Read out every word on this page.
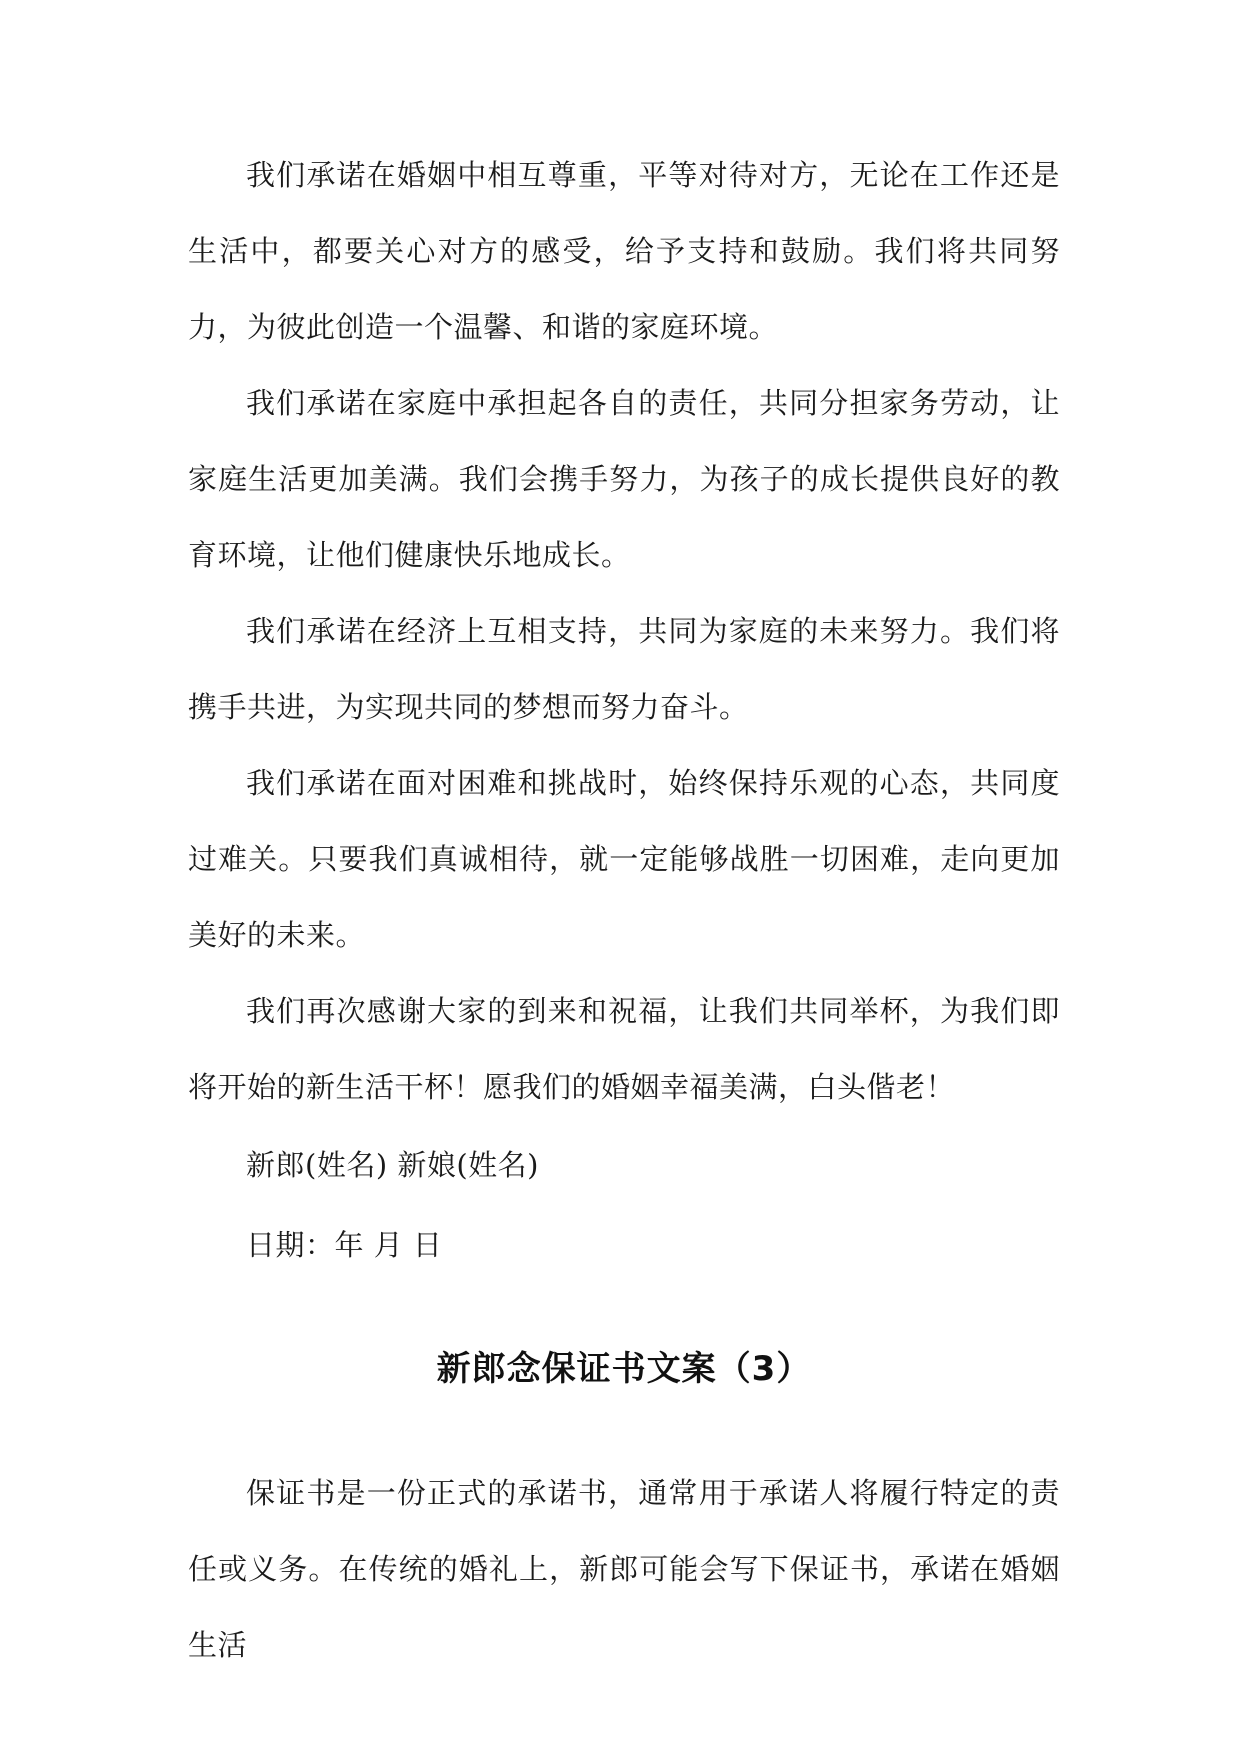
我们承诺在婚姻中相互尊重，平等对待对方，无论在工作还是生活中，都要关心对方的感受，给予支持和鼓励。我们将共同努力，为彼此创造一个温馨、和谐的家庭环境。

我们承诺在家庭中承担起各自的责任，共同分担家务劳动，让家庭生活更加美满。我们会携手努力，为孩子的成长提供良好的教育环境，让他们健康快乐地成长。

我们承诺在经济上互相支持，共同为家庭的未来努力。我们将携手共进，为实现共同的梦想而努力奋斗。

我们承诺在面对困难和挑战时，始终保持乐观的心态，共同度过难关。只要我们真诚相待，就一定能够战胜一切困难，走向更加美好的未来。

我们再次感谢大家的到来和祝福，让我们共同举杯，为我们即将开始的新生活干杯！愿我们的婚姻幸福美满，白头偕老！

新郎(姓名) 新娘(姓名)

日期：年 月 日

新郎念保证书文案（3）

保证书是一份正式的承诺书，通常用于承诺人将履行特定的责任或义务。在传统的婚礼上，新郎可能会写下保证书，承诺在婚姻生活
